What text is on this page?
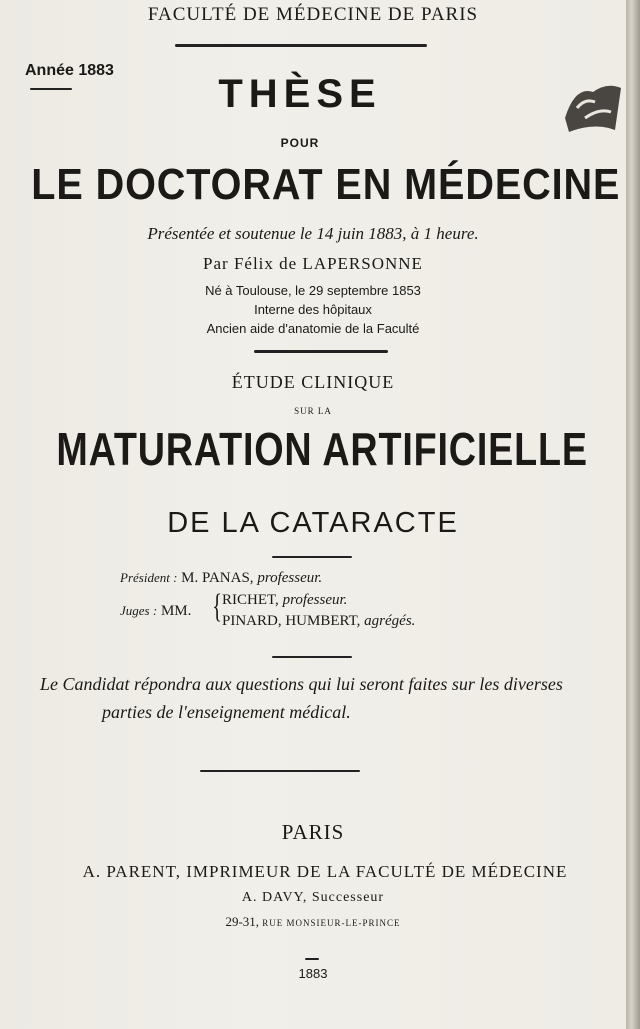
FACULTÉ DE MÉDECINE DE PARIS
Année 1883
THÈSE
POUR
LE DOCTORAT EN MÉDECINE
Présentée et soutenue le 14 juin 1883, à 1 heure.
Par Félix de LAPERSONNE
Né à Toulouse, le 29 septembre 1853
Interne des hôpitaux
Ancien aide d'anatomie de la Faculté
ÉTUDE CLINIQUE
SUR LA
MATURATION ARTIFICIELLE
DE LA CATARACTE
Président : M. PANAS, professeur.
Juges : MM. { RICHET, professeur.
PINARD, HUMBERT, agrégés.
Le Candidat répondra aux questions qui lui seront faites sur les diverses
parties de l'enseignement médical.
PARIS
A. PARENT, IMPRIMEUR DE LA FACULTÉ DE MÉDECINE
A. DAVY, Successeur
29-31, RUE MONSIEUR-LE-PRINCE
1883
